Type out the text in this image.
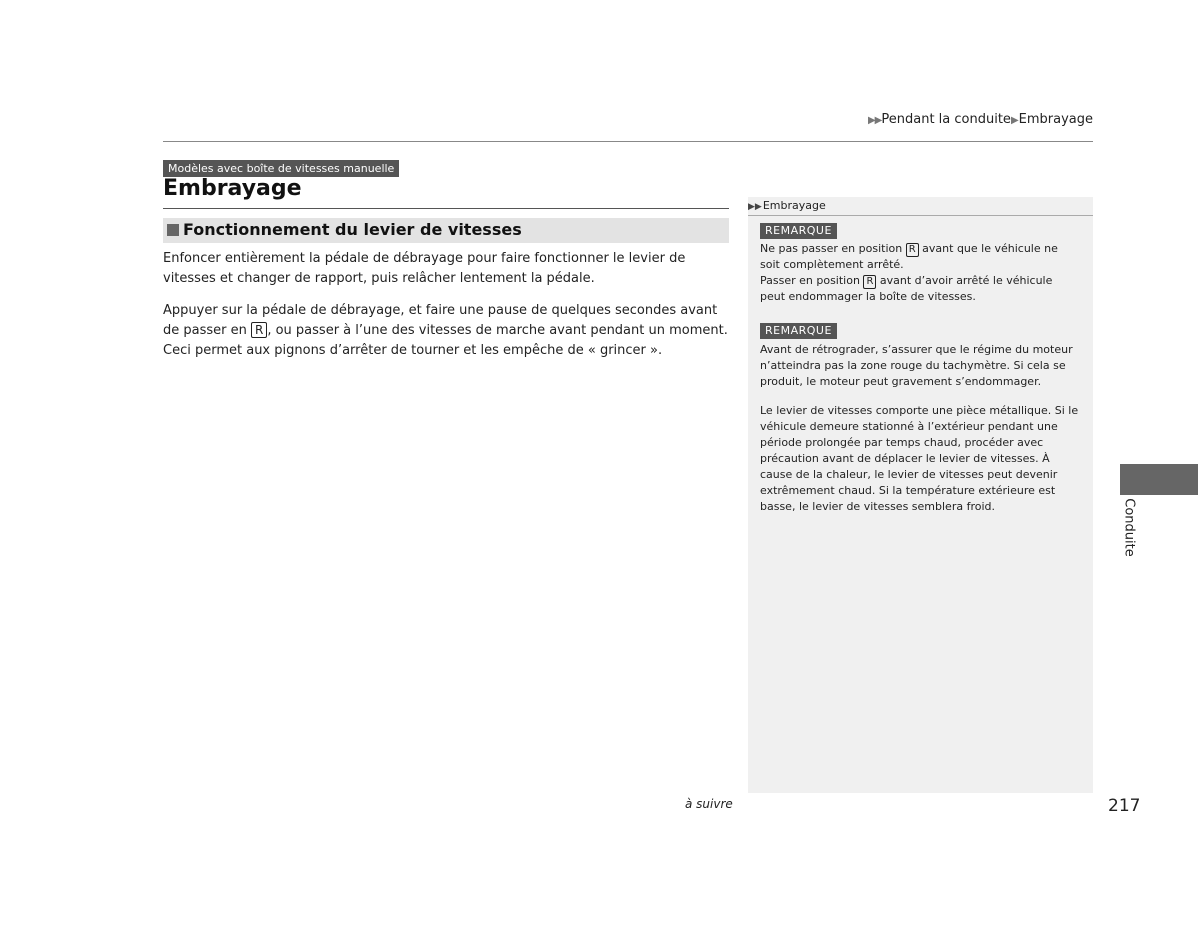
▶▶Pendant la conduite▶Embrayage
Modèles avec boîte de vitesses manuelle
Embrayage
Fonctionnement du levier de vitesses
Enfoncer entièrement la pédale de débrayage pour faire fonctionner le levier de vitesses et changer de rapport, puis relâcher lentement la pédale.
Appuyer sur la pédale de débrayage, et faire une pause de quelques secondes avant de passer en R , ou passer à l’une des vitesses de marche avant pendant un moment. Ceci permet aux pignons d’arrêter de tourner et les empêche de « grincer ».
▶▶Embrayage
REMARQUE
Ne pas passer en position R avant que le véhicule ne soit complètement arrêté.
Passer en position R avant d’avoir arrêté le véhicule peut endommager la boîte de vitesses.
REMARQUE
Avant de rétrograder, s’assurer que le régime du moteur n’atteindra pas la zone rouge du tachymètre. Si cela se produit, le moteur peut gravement s’endommager.
Le levier de vitesses comporte une pièce métallique. Si le véhicule demeure stationné à l’extérieur pendant une période prolongée par temps chaud, procéder avec précaution avant de déplacer le levier de vitesses. À cause de la chaleur, le levier de vitesses peut devenir extrêmement chaud. Si la température extérieure est basse, le levier de vitesses semblera froid.
à suivre	217
Conduite
